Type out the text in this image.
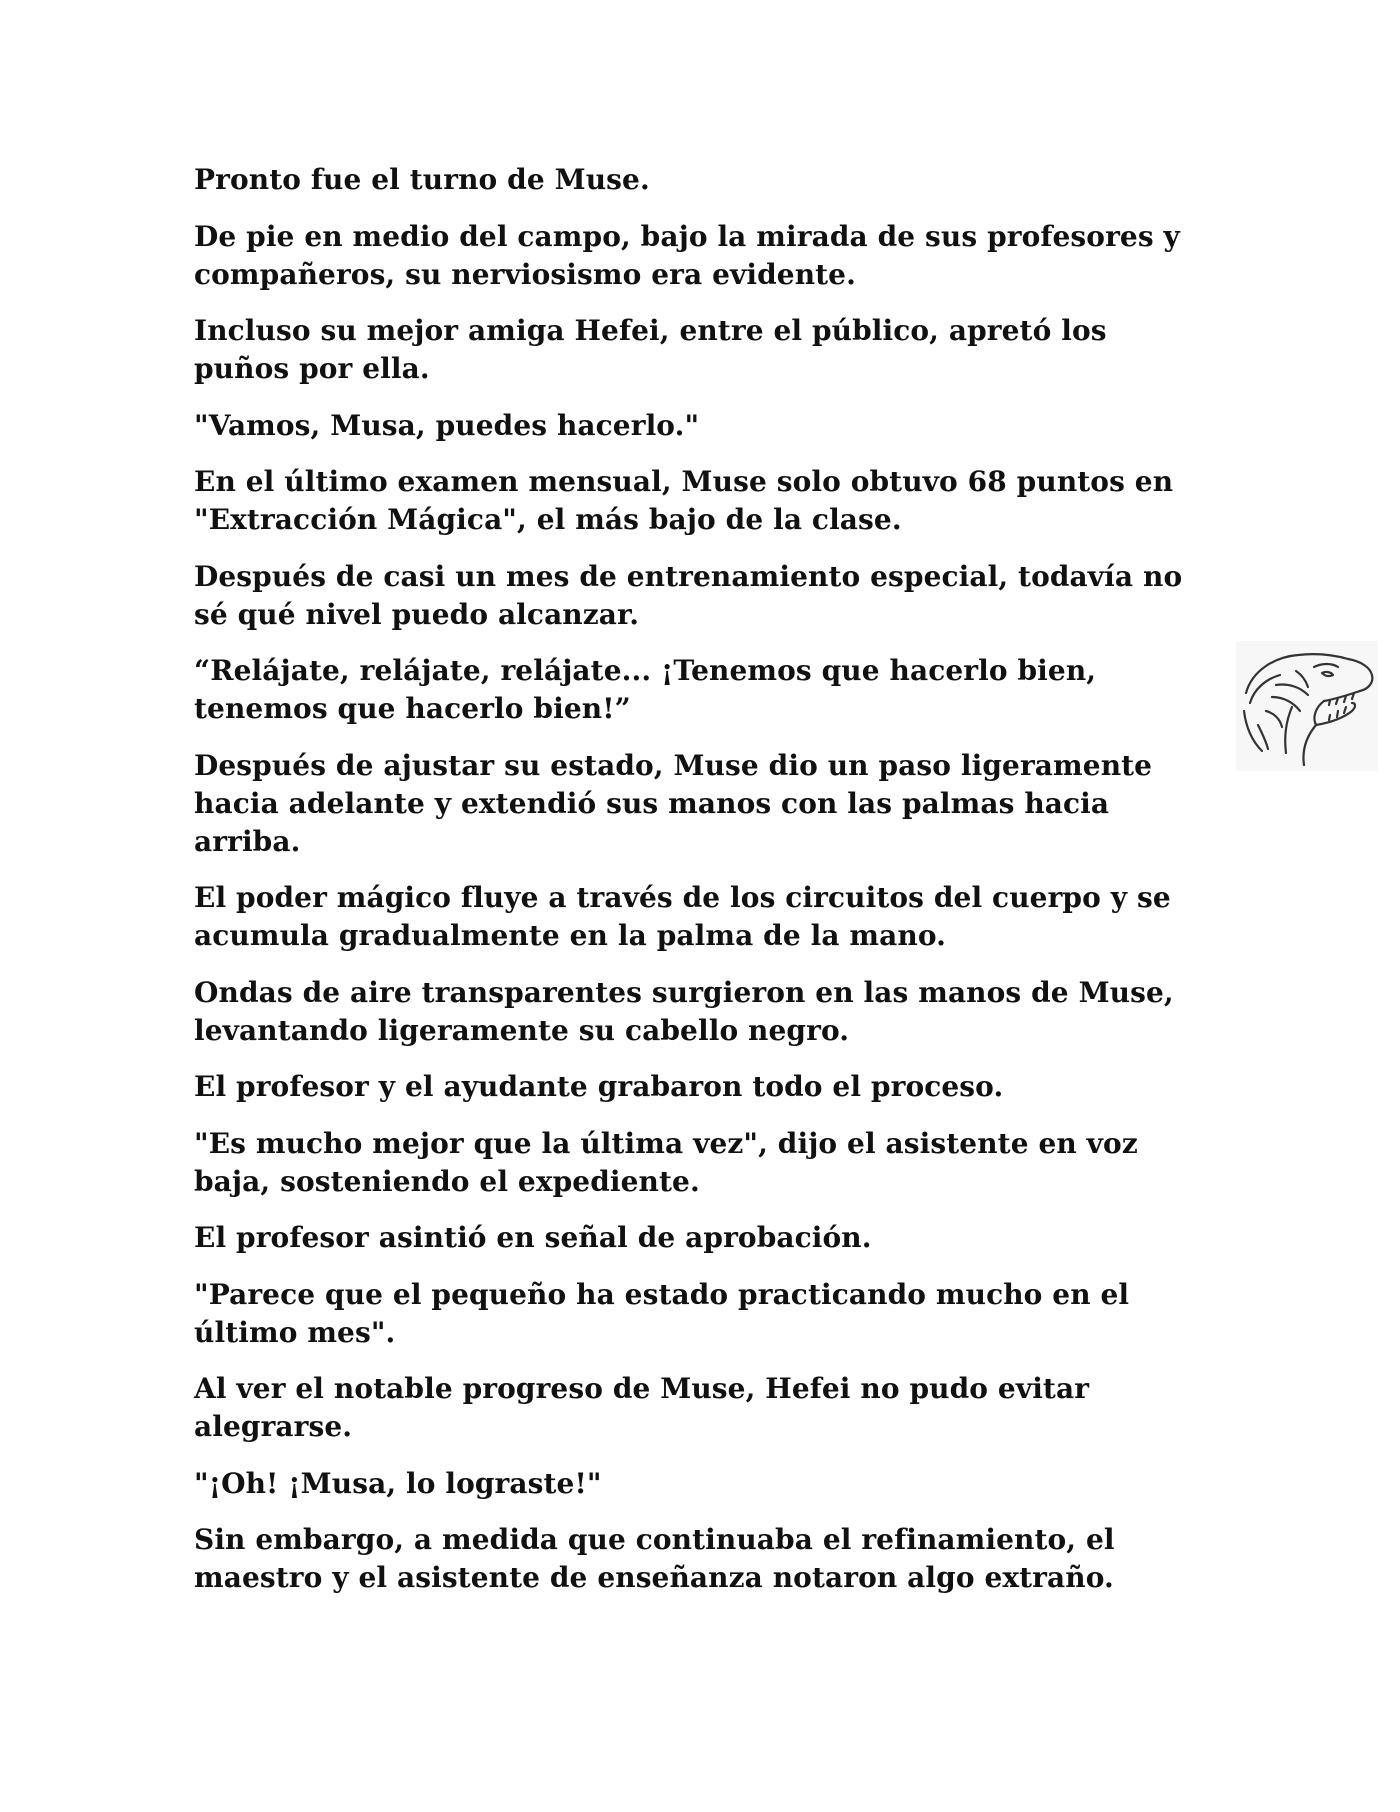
Pronto fue el turno de Muse.

De pie en medio del campo, bajo la mirada de sus profesores y
compañeros, su nerviosismo era evidente.

Incluso su mejor amiga Hefei, entre el público, apretó los
puños por ella.

"Vamos, Musa, puedes hacerlo."

En el último examen mensual, Muse solo obtuvo 68 puntos en
"Extracción Mágica", el más bajo de la clase.

Después de casi un mes de entrenamiento especial, todavía no
sé qué nivel puedo alcanzar.

“Relájate, relájate, relájate... ¡Tenemos que hacerlo bien,
tenemos que hacerlo bien!”

Después de ajustar su estado, Muse dio un paso ligeramente
hacia adelante y extendió sus manos con las palmas hacia
arriba.

El poder mágico fluye a través de los circuitos del cuerpo y se
acumula gradualmente en la palma de la mano.

Ondas de aire transparentes surgieron en las manos de Muse,
levantando ligeramente su cabello negro.

El profesor y el ayudante grabaron todo el proceso.

"Es mucho mejor que la última vez", dijo el asistente en voz
baja, sosteniendo el expediente.

El profesor asintió en señal de aprobación.

"Parece que el pequeño ha estado practicando mucho en el
último mes".

Al ver el notable progreso de Muse, Hefei no pudo evitar
alegrarse.

"¡Oh! ¡Musa, lo lograste!"

Sin embargo, a medida que continuaba el refinamiento, el
maestro y el asistente de enseñanza notaron algo extraño.
